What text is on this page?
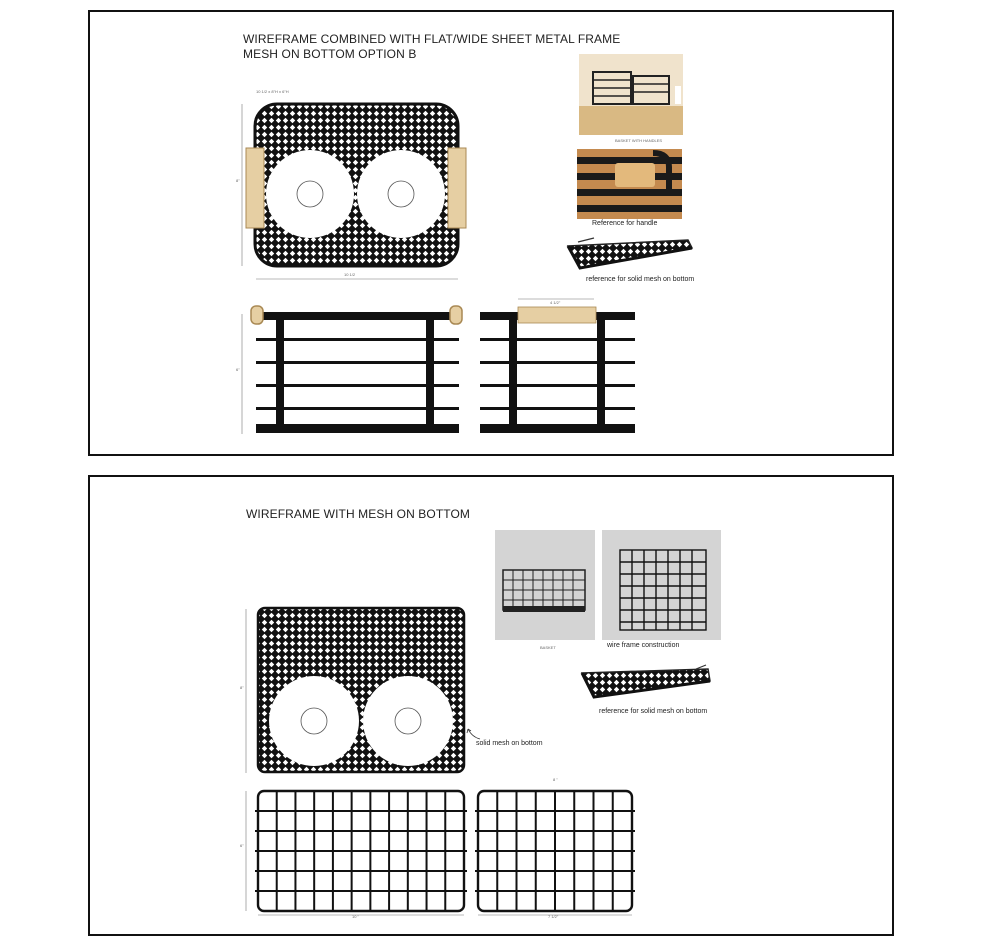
WIREFRAME COMBINED WITH FLAT/WIDE SHEET METAL FRAME
MESH ON BOTTOM OPTION B
10 1/2 x 8"H x 6"H
8"
10 1/2
6"
4 1/2"
BASKET WITH HANDLES
Reference for handle
reference for solid mesh on bottom
WIREFRAME WITH MESH ON BOTTOM
8"
solid mesh on bottom
6"
10 "
8 "
7 1/2"
BASKET	wire frame construction
reference for solid mesh on bottom
